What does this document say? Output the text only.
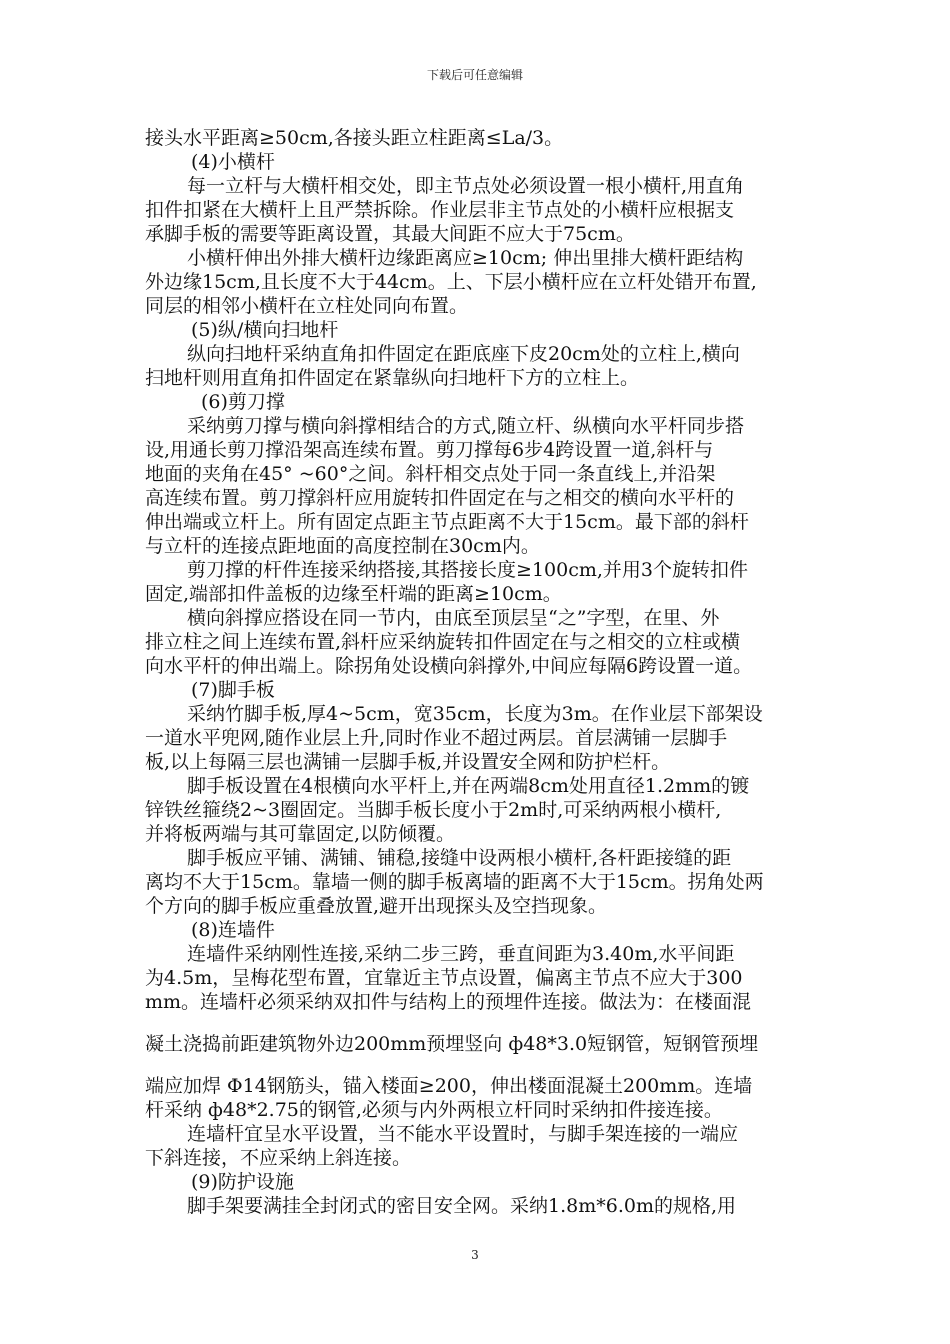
下载后可任意编辑
接头水平距离≥50cm,各接头距立柱距离≤La/3。
(4)小横杆
每一立杆与大横杆相交处，即主节点处必须设置一根小横杆,用直角
扣件扣紧在大横杆上且严禁拆除。作业层非主节点处的小横杆应根据支
承脚手板的需要等距离设置，其最大间距不应大于75cm。
小横杆伸出外排大横杆边缘距离应≥10cm; 伸出里排大横杆距结构
外边缘15cm,且长度不大于44cm。上、下层小横杆应在立杆处错开布置,
同层的相邻小横杆在立柱处同向布置。
(5)纵/横向扫地杆
纵向扫地杆采纳直角扣件固定在距底座下皮20cm处的立柱上,横向
扫地杆则用直角扣件固定在紧靠纵向扫地杆下方的立柱上。
(6)剪刀撑
采纳剪刀撑与横向斜撑相结合的方式,随立杆、纵横向水平杆同步搭
设,用通长剪刀撑沿架高连续布置。剪刀撑每6步4跨设置一道,斜杆与
地面的夹角在45° ~60°之间。斜杆相交点处于同一条直线上,并沿架
高连续布置。剪刀撑斜杆应用旋转扣件固定在与之相交的横向水平杆的
伸出端或立杆上。所有固定点距主节点距离不大于15cm。最下部的斜杆
与立杆的连接点距地面的高度控制在30cm内。
剪刀撑的杆件连接采纳搭接,其搭接长度≥100cm,并用3个旋转扣件
固定,端部扣件盖板的边缘至杆端的距离≥10cm。
横向斜撑应搭设在同一节内，由底至顶层呈“之”字型，在里、外
排立柱之间上连续布置,斜杆应采纳旋转扣件固定在与之相交的立柱或横
向水平杆的伸出端上。除拐角处设横向斜撑外,中间应每隔6跨设置一道。
(7)脚手板
采纳竹脚手板,厚4~5cm，宽35cm，长度为3m。在作业层下部架设
一道水平兜网,随作业层上升,同时作业不超过两层。首层满铺一层脚手
板,以上每隔三层也满铺一层脚手板,并设置安全网和防护栏杆。
脚手板设置在4根横向水平杆上,并在两端8cm处用直径1.2mm的镀
锌铁丝箍绕2~3圈固定。当脚手板长度小于2m时,可采纳两根小横杆,
并将板两端与其可靠固定,以防倾覆。
脚手板应平铺、满铺、铺稳,接缝中设两根小横杆,各杆距接缝的距
离均不大于15cm。靠墙一侧的脚手板离墙的距离不大于15cm。拐角处两
个方向的脚手板应重叠放置,避开出现探头及空挡现象。
(8)连墙件
连墙件采纳刚性连接,采纳二步三跨，垂直间距为3.40m,水平间距
为4.5m，呈梅花型布置，宜靠近主节点设置，偏离主节点不应大于300
mm。连墙杆必须采纳双扣件与结构上的预埋件连接。做法为：在楼面混
凝土浇捣前距建筑物外边200mm预埋竖向 ф48*3.0短钢管，短钢管预埋
端应加焊 Φ14钢筋头，锚入楼面≥200，伸出楼面混凝土200mm。连墙
杆采纳 ф48*2.75的钢管,必须与内外两根立杆同时采纳扣件接连接。
连墙杆宜呈水平设置，当不能水平设置时，与脚手架连接的一端应
下斜连接，不应采纳上斜连接。
(9)防护设施
脚手架要满挂全封闭式的密目安全网。采纳1.8m*6.0m的规格,用
3
